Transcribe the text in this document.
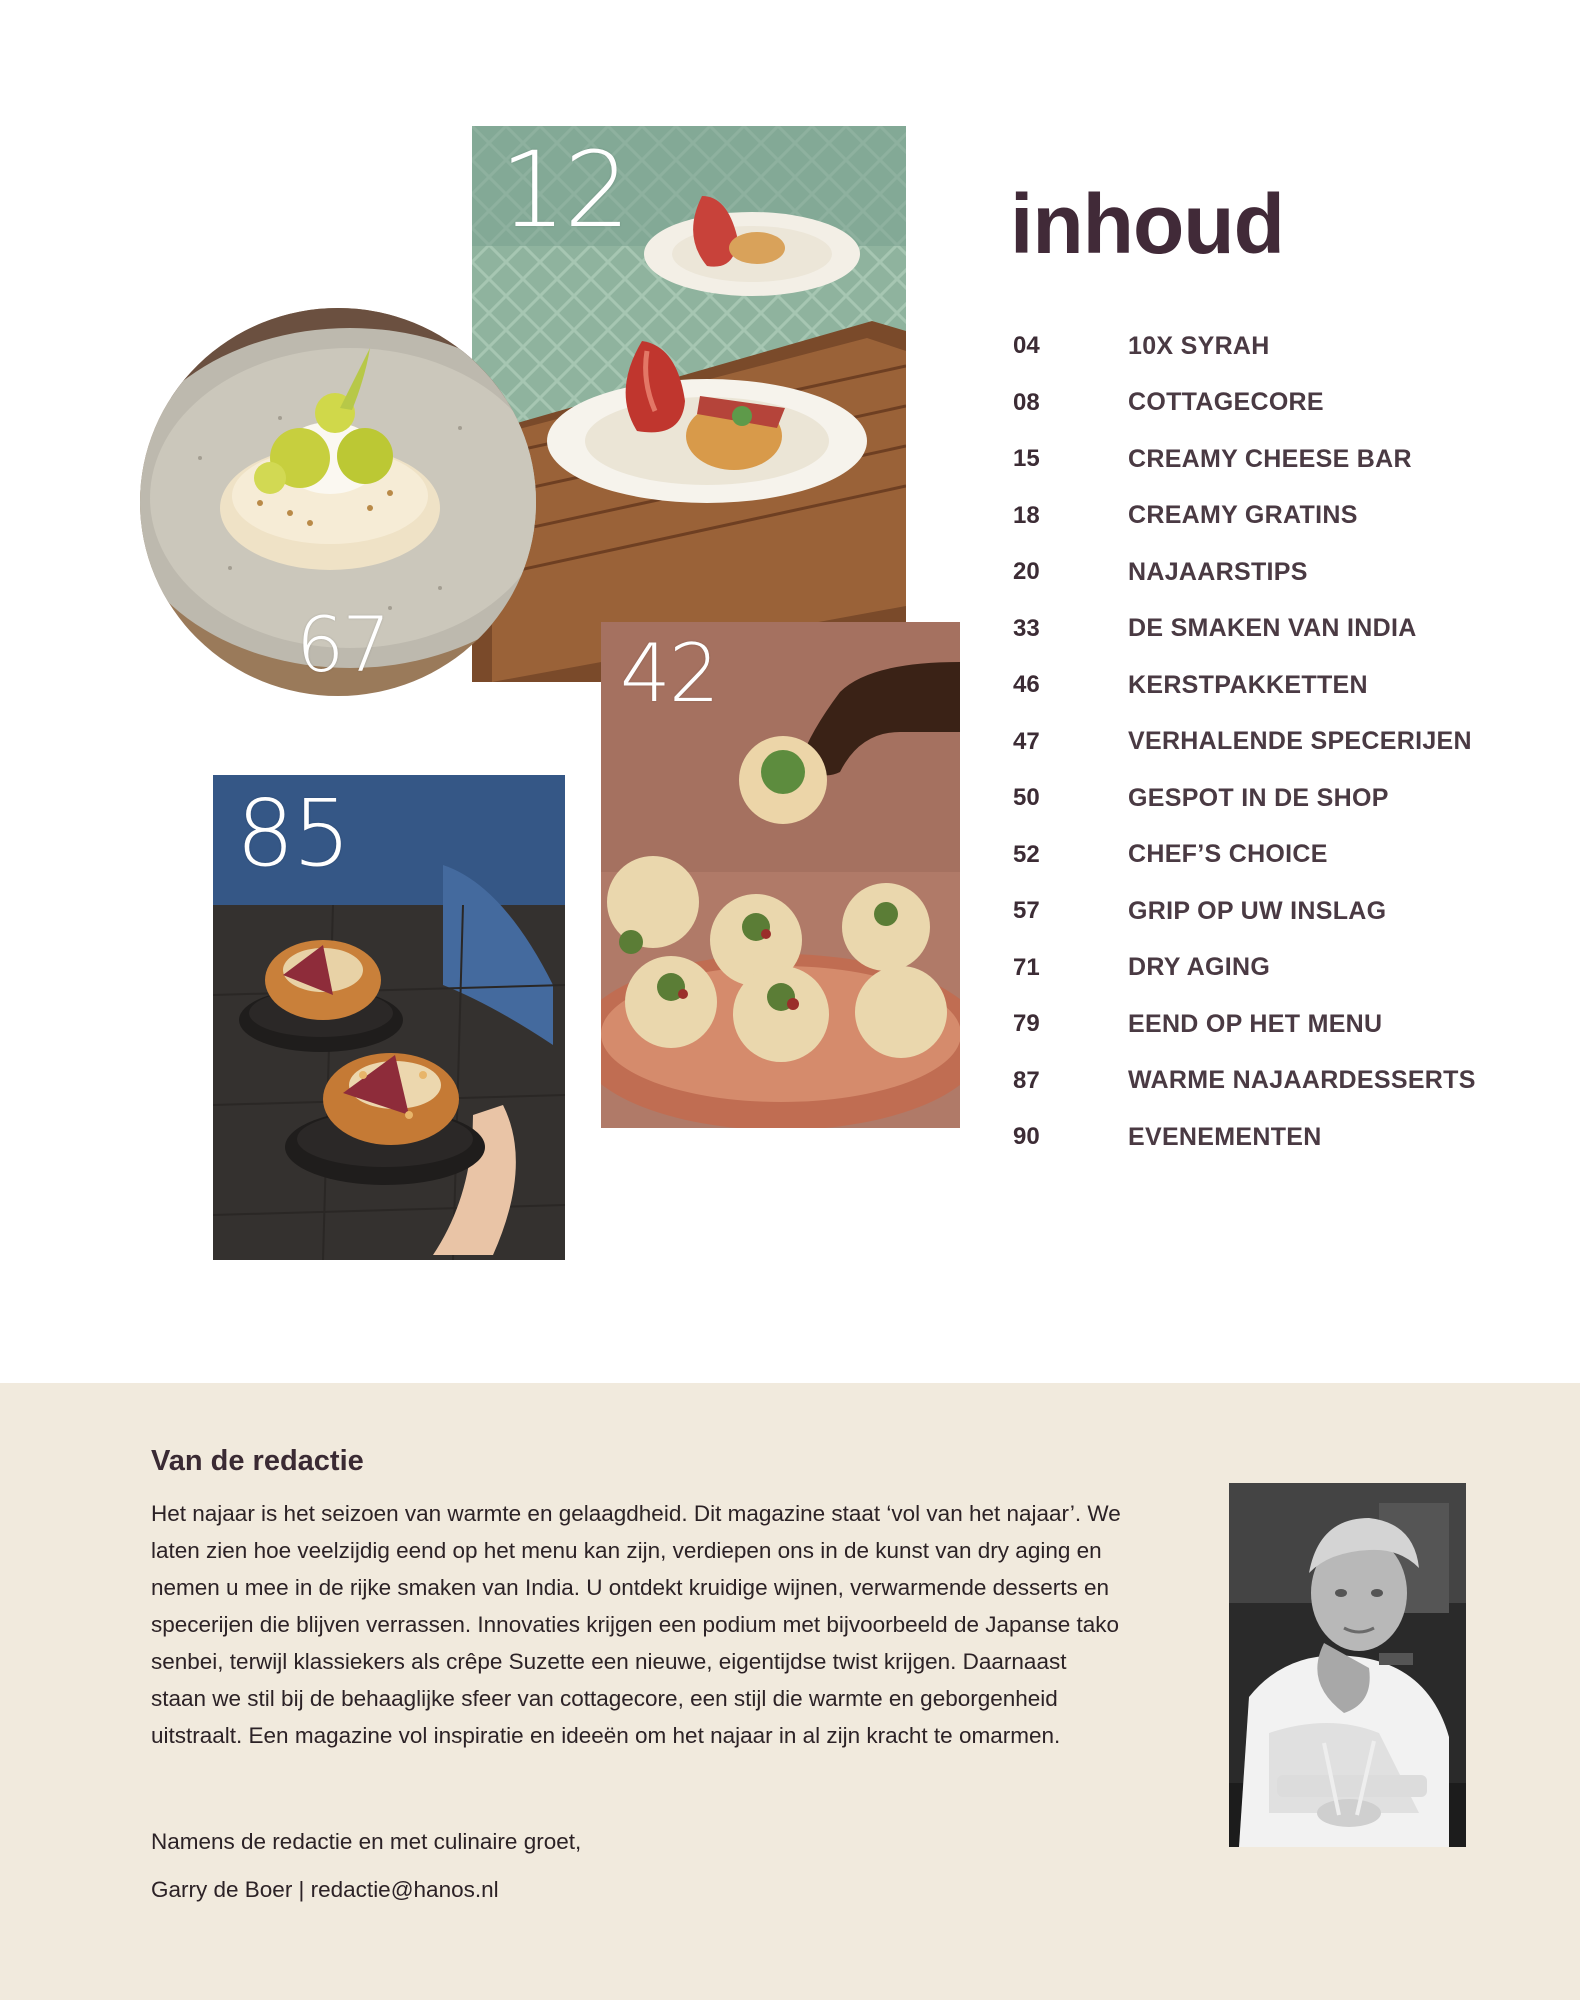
12
67	42
85
inhoud
04	10X SYRAH
08	COTTAGECORE
15	CREAMY CHEESE BAR
18	CREAMY GRATINS
20	NAJAARSTIPS
33	DE SMAKEN VAN INDIA
46	KERSTPAKKETTEN
47	VERHALENDE SPECERIJEN
50	GESPOT IN DE SHOP
52	CHEF’S CHOICE
57	GRIP OP UW INSLAG
71	DRY AGING
79	EEND OP HET MENU
87	WARME NAJAARDESSERTS
90	EVENEMENTEN
Van de redactie

Het najaar is het seizoen van warmte en gelaagdheid. Dit magazine staat ‘vol van het najaar’. We laten zien hoe veelzijdig eend op het menu kan zijn, verdiepen ons in de kunst van dry aging en nemen u mee in de rijke smaken van India. U ontdekt kruidige wijnen, verwarmende desserts en specerijen die blijven verrassen. Innovaties krijgen een podium met bijvoorbeeld de Japanse tako senbei, terwijl klassiekers als crêpe Suzette een nieuwe, eigentijdse twist krijgen. Daarnaast staan we stil bij de behaaglijke sfeer van cottagecore, een stijl die warmte en geborgenheid uitstraalt. Een magazine vol inspiratie en ideeën om het najaar in al zijn kracht te omarmen.

Namens de redactie en met culinaire groet,

Garry de Boer | redactie@hanos.nl
